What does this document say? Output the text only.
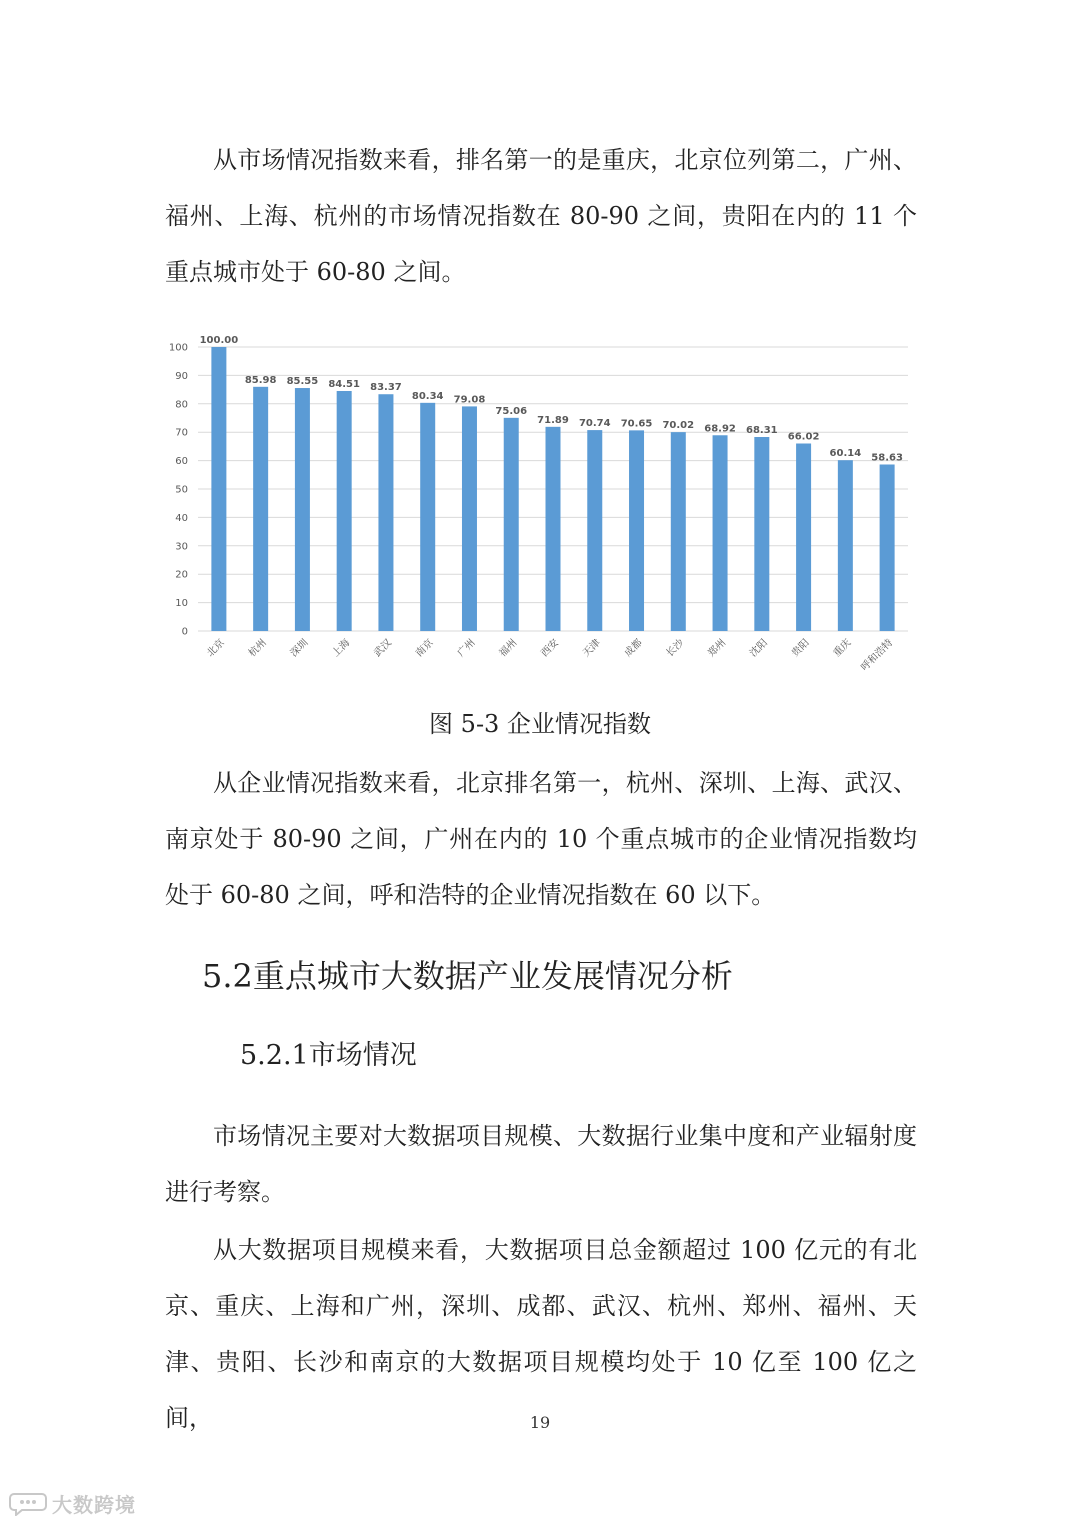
从市场情况指数来看，排名第一的是重庆，北京位列第二，广州、福州、上海、杭州的市场情况指数在 80-90 之间，贵阳在内的 11 个重点城市处于 60-80 之间。

0
10
20
30
40
50
60
70
80
90
100
100.00
北京
85.98
杭州
85.55
深圳
84.51
上海
83.37
武汉
80.34
南京
79.08
广州
75.06
福州
71.89
西安
70.74
天津
70.65
成都
70.02
长沙
68.92
郑州
68.31
沈阳
66.02
贵阳
60.14
重庆
58.63
呼和浩特

图 5-3 企业情况指数

从企业情况指数来看，北京排名第一，杭州、深圳、上海、武汉、南京处于 80-90 之间，广州在内的 10 个重点城市的企业情况指数均处于 60-80 之间，呼和浩特的企业情况指数在 60 以下。

5.2重点城市大数据产业发展情况分析
5.2.1市场情况

市场情况主要对大数据项目规模、大数据行业集中度和产业辐射度进行考察。

从大数据项目规模来看，大数据项目总金额超过 100 亿元的有北京、重庆、上海和广州，深圳、成都、武汉、杭州、郑州、福州、天津、贵阳、长沙和南京的大数据项目规模均处于 10 亿至 100 亿之间，	19
大数跨境
